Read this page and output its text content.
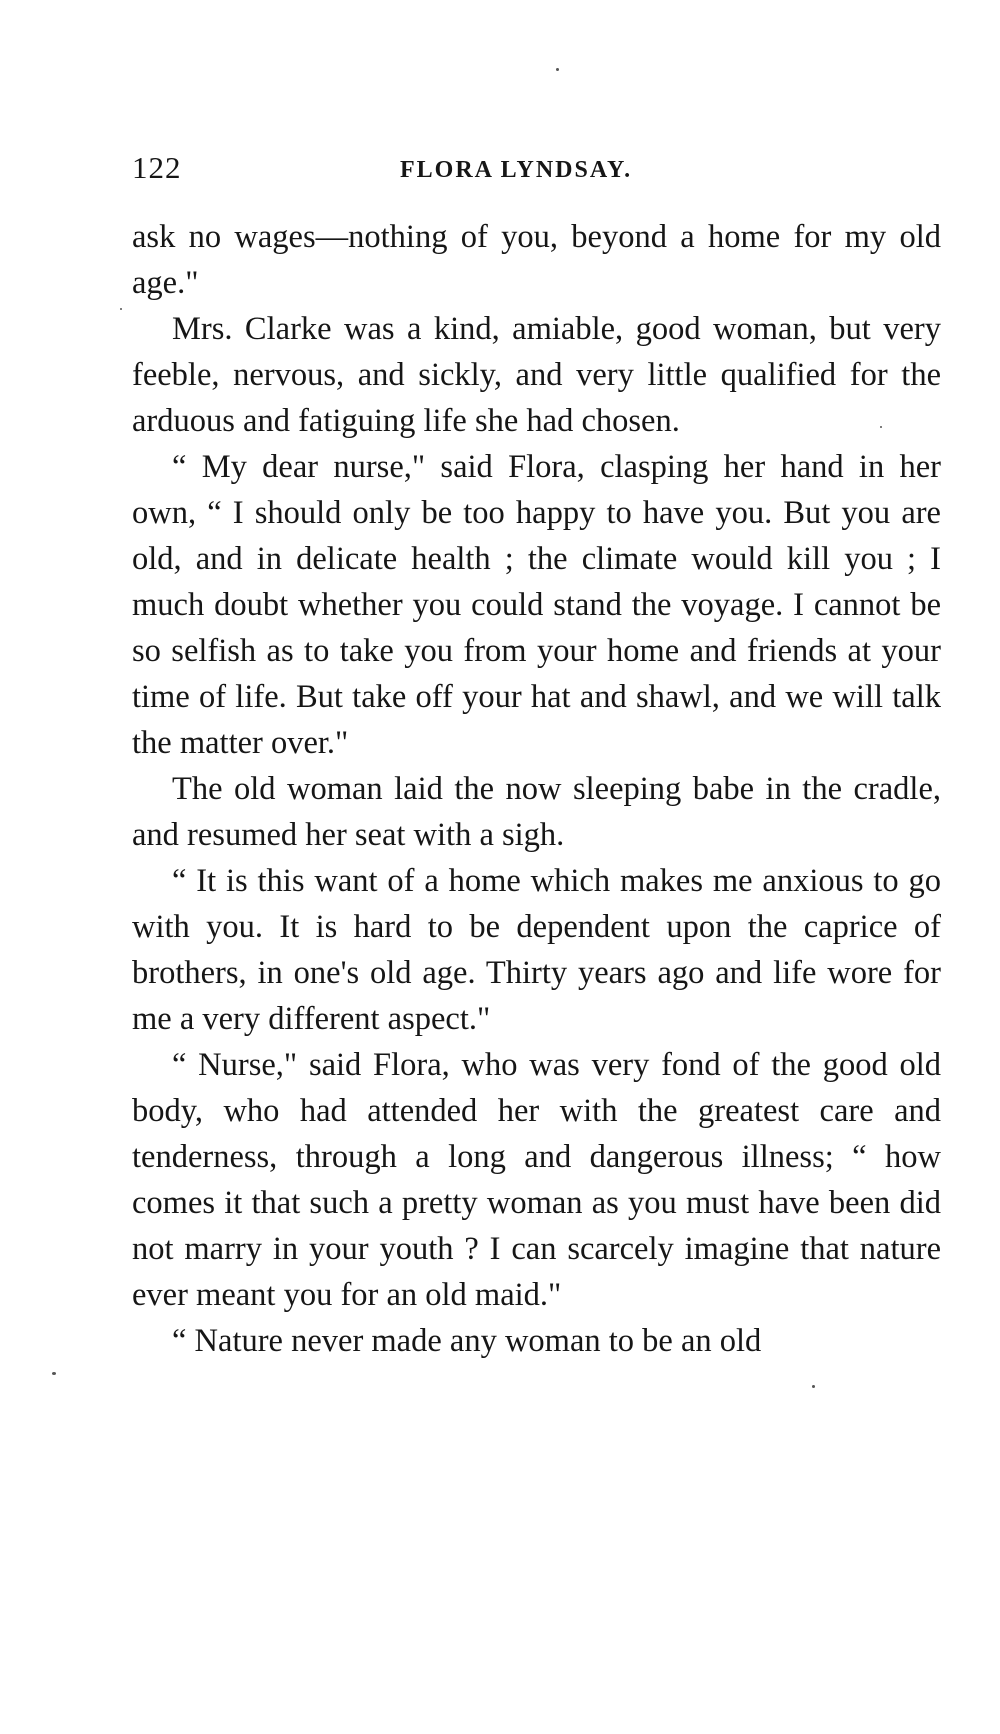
122	FLORA LYNDSAY.

ask no wages—nothing of you, beyond a home for my old age."

Mrs. Clarke was a kind, amiable, good woman, but very feeble, nervous, and sickly, and very little qualified for the arduous and fatiguing life she had chosen.

“ My dear nurse," said Flora, clasping her hand in her own, “ I should only be too happy to have you. But you are old, and in delicate health ; the climate would kill you ; I much doubt whether you could stand the voyage. I cannot be so selfish as to take you from your home and friends at your time of life. But take off your hat and shawl, and we will talk the matter over."

The old woman laid the now sleeping babe in the cradle, and resumed her seat with a sigh.

“ It is this want of a home which makes me anxious to go with you. It is hard to be dependent upon the caprice of brothers, in one's old age. Thirty years ago and life wore for me a very different aspect."

“ Nurse," said Flora, who was very fond of the good old body, who had attended her with the greatest care and tenderness, through a long and dangerous illness; “ how comes it that such a pretty woman as you must have been did not marry in your youth ? I can scarcely imagine that nature ever meant you for an old maid."

“ Nature never made any woman to be an old
